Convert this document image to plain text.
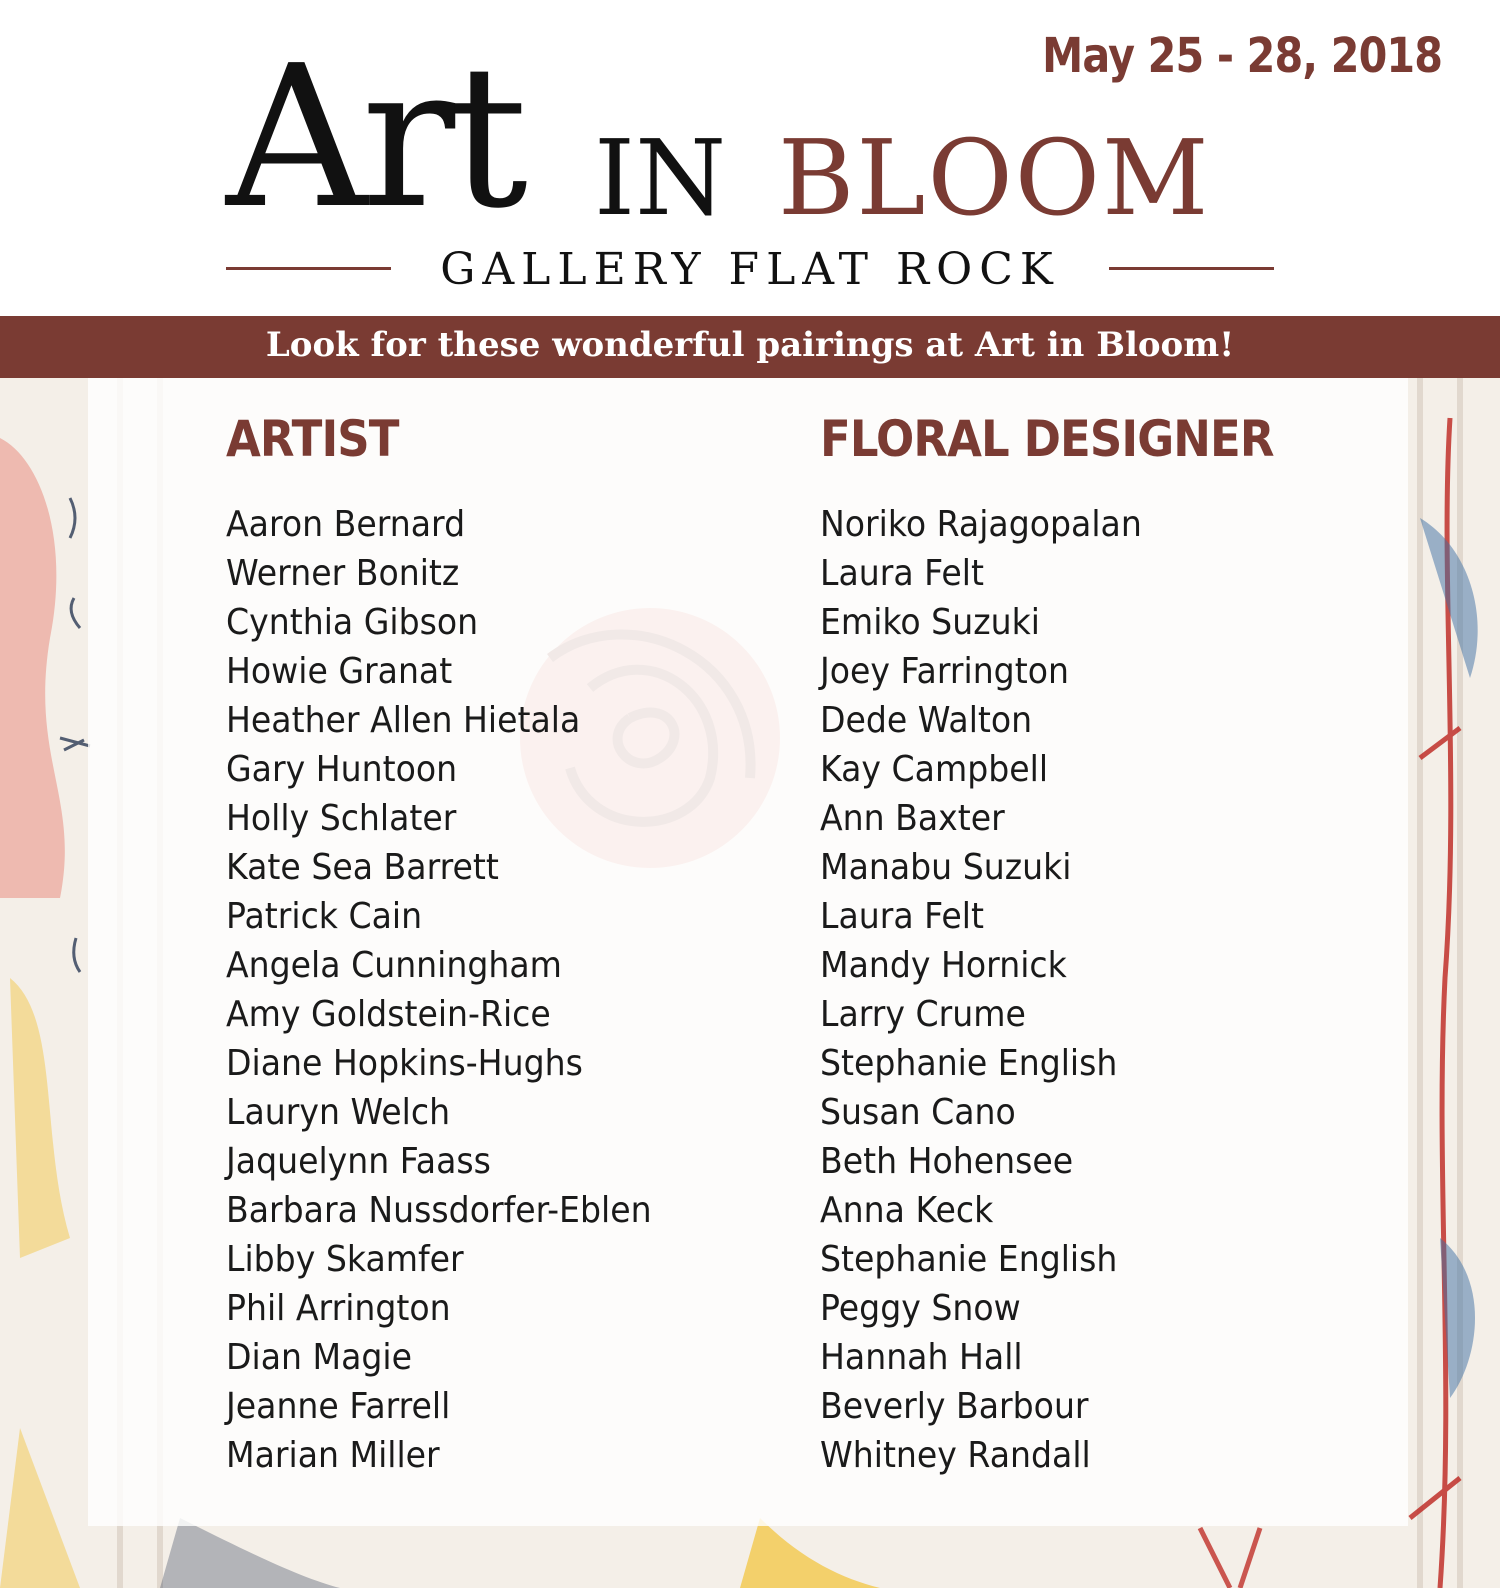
May 25 - 28, 2018
Art IN BLOOM
GALLERY FLAT ROCK
Look for these wonderful pairings at Art in Bloom!
ARTIST
Aaron Bernard
Werner Bonitz
Cynthia Gibson
Howie Granat
Heather Allen Hietala
Gary Huntoon
Holly Schlater
Kate Sea Barrett
Patrick Cain
Angela Cunningham
Amy Goldstein-Rice
Diane Hopkins-Hughs
Lauryn Welch
Jaquelynn Faass
Barbara Nussdorfer-Eblen
Libby Skamfer
Phil Arrington
Dian Magie
Jeanne Farrell
Marian Miller
FLORAL DESIGNER
Noriko Rajagopalan
Laura Felt
Emiko Suzuki
Joey Farrington
Dede Walton
Kay Campbell
Ann Baxter
Manabu Suzuki
Laura Felt
Mandy Hornick
Larry Crume
Stephanie English
Susan Cano
Beth Hohensee
Anna Keck
Stephanie English
Peggy Snow
Hannah Hall
Beverly Barbour
Whitney Randall
